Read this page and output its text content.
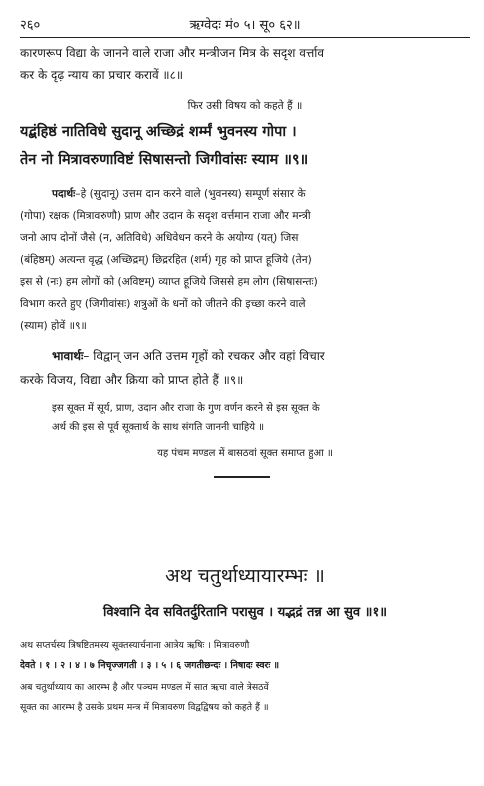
२६०	ऋग्वेदः मं० ५। सू० ६२॥
कारणरूप विद्या के जानने वाले राजा और मन्त्रीजन मित्र के सदृश वर्त्ताव
कर के दृढ़ न्याय का प्रचार करावें ॥८॥
फिर उसी विषय को कहते हैं ॥
यद्बंहिष्ठं नातिविधे सुदानू अच्छिद्रं शर्म्मं भुवनस्य गोपा ।
तेन नो मित्रावरुणाविष्टं सिषासन्तो जिगीवांसः स्याम ॥९॥
पदार्थः–हे (सुदानू) उत्तम दान करने वाले (भुवनस्य) सम्पूर्ण संसार के
(गोपा) रक्षक (मित्रावरुणौ) प्राण और उदान के सदृश वर्त्तमान राजा और मन्त्री
जनो आप दोनों जैसे (न, अतिविधे) अधिवेधन करने के अयोग्य (यत्) जिस
(बंहिष्ठम्) अत्यन्त वृद्ध (अच्छिद्रम्) छिद्ररहित (शर्म) गृह को प्राप्त हूजिये (तेन)
इस से (नः) हम लोगों को (अविष्टम्) व्याप्त हूजिये जिससे हम लोग (सिषासन्तः)
विभाग करते हुए (जिगीवांसः) शत्रुओं के धनों को जीतने की इच्छा करने वाले
(स्याम) होवें ॥९॥
भावार्थः– विद्वान् जन अति उत्तम गृहों को रचकर और वहां विचार
करके विजय, विद्या और क्रिया को प्राप्त होते हैं ॥९॥
इस सूक्त में सूर्य, प्राण, उदान और राजा के गुण वर्णन करने से इस सूक्त के
अर्थ की इस से पूर्व सूक्तार्थ के साथ संगति जाननी चाहिये ॥
यह पंचम मण्डल में बासठवां सूक्त समाप्त हुआ ॥
अथ चतुर्थाध्यायारम्भः ॥
विश्वानि देव सवितर्दुरितानि परासुव । यद्भद्रं तन्न आ सुव ॥१॥
अथ सप्तर्चस्य त्रिषष्टितमस्य सूक्तस्यार्चनाना आत्रेय ऋषिः । मित्रावरुणौ
देवते । १ । २ । ४ । ७ निचृज्जगती । ३ । ५ । ६ जगतीछन्दः । निषादः स्वरः ॥
अब चतुर्थाध्याय का आरम्भ है और पञ्चम मण्डल में सात ऋचा वाले त्रेसठवें
सूक्त का आरम्भ है उसके प्रथम मन्त्र में मित्रावरुण विद्वद्विषय को कहते हैं ॥
